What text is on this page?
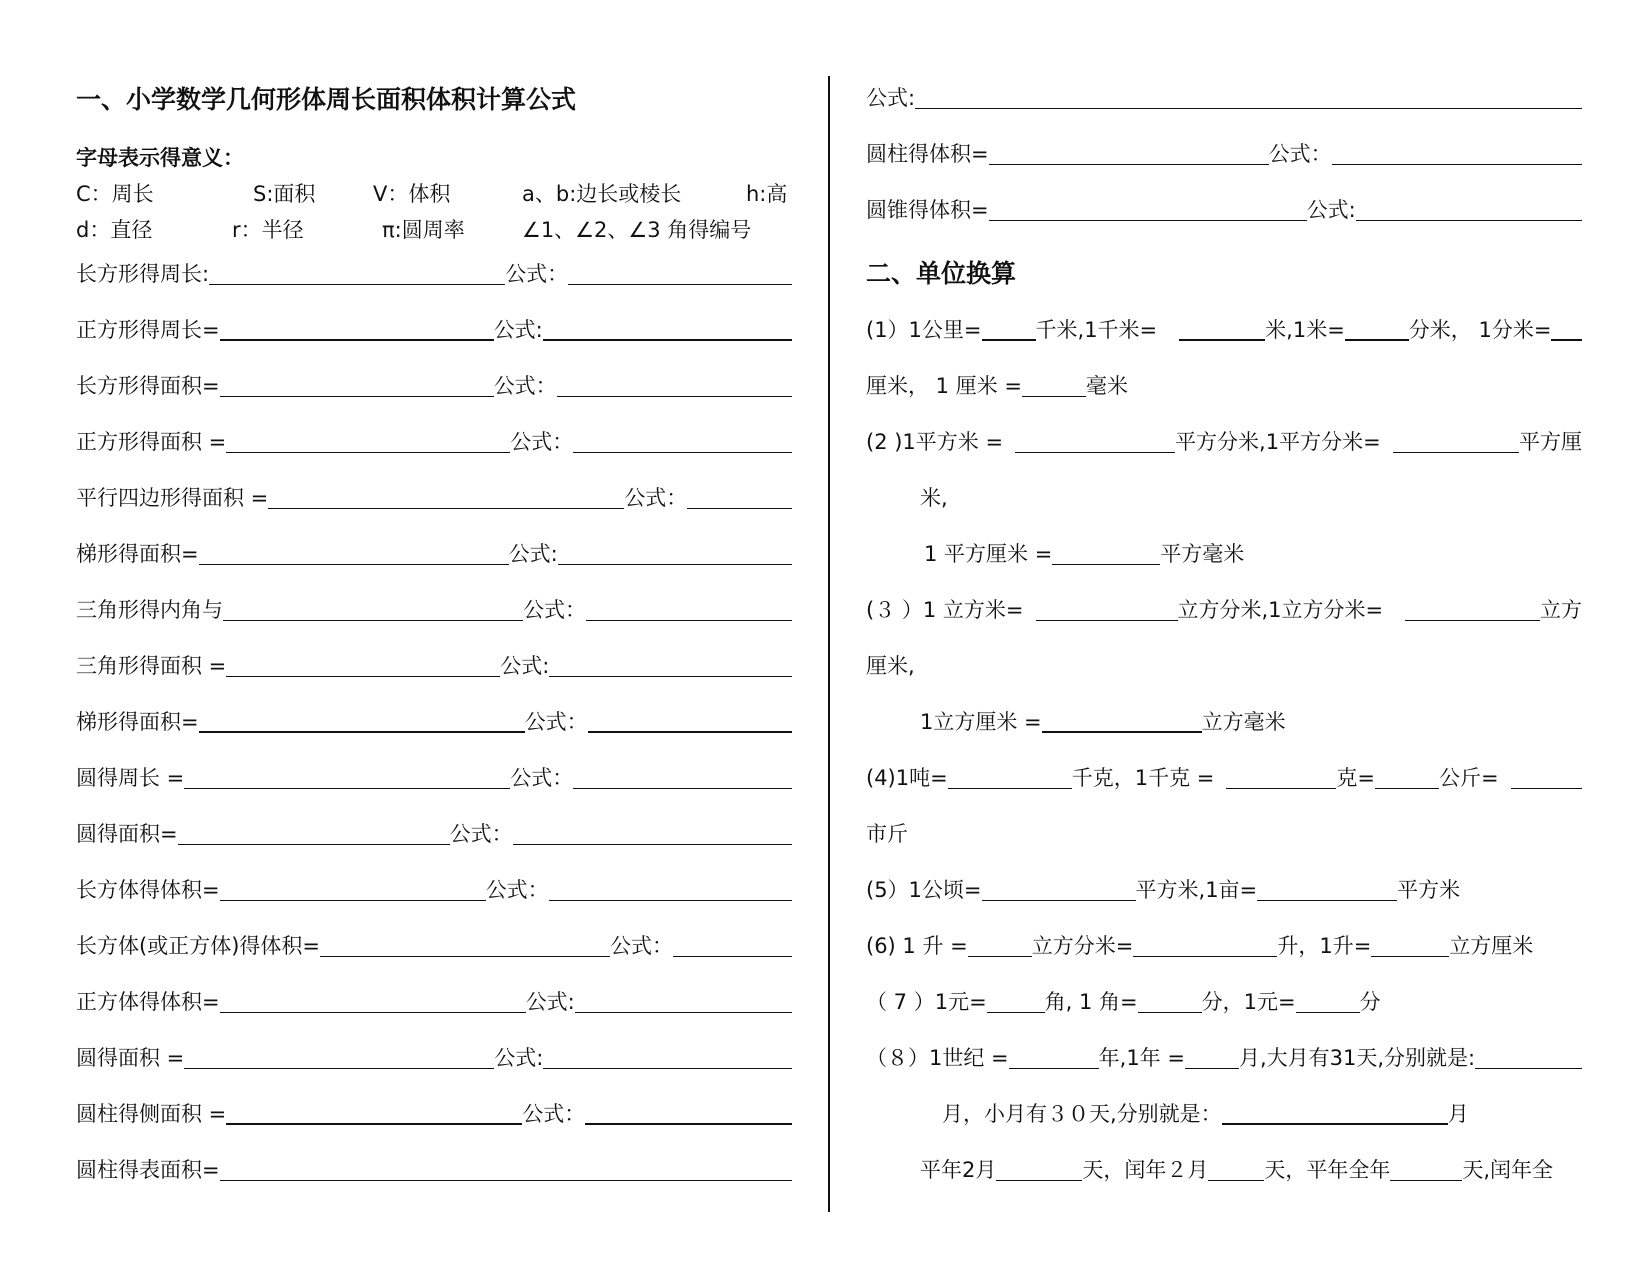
一、小学数学几何形体周长面积体积计算公式
字母表示得意义：
C：周长	S:面积	V：体积	a、b:边长或棱长	h:高
d：直径	r：半径	π:圆周率	∠1、∠2、∠3 角得编号
长方形得周长:	公式：
正方形得周长=	公式:
长方形得面积=	公式：
正方形得面积 =	公式：
平行四边形得面积 =	公式：
梯形得面积=	公式:
三角形得内角与	公式：
三角形得面积 =	公式:
梯形得面积=	公式：
圆得周长 =	公式：
圆得面积=	公式：
长方体得体积=	公式：
长方体(或正方体)得体积=	公式：
正方体得体积=	公式:
圆得面积 =	公式:
圆柱得侧面积 =	公式：
圆柱得表面积=
公式:
圆柱得体积=	公式：
圆锥得体积=	公式:
二、单位换算
(1）1公里=	千米,1千米=	米,1米=	分米， 1分米=
厘米， 1 厘米 =	毫米
(2 )1平方米 =	平方分米,1平方分米=	平方厘
米,
1 平方厘米 =	平方毫米
(３ ）1 立方米=	立方分米,1立方分米=	立方
厘米,
1立方厘米 =	立方毫米
(4)1吨=	千克，1千克 =	克=	公斤=
市斤
(5）1公顷=	平方米,1亩=	平方米
(6) 1 升 =	立方分米=	升，1升=	立方厘米
（ 7 ）1元=	角, 1 角=	分，1元=	分
（８）1世纪 =	年,1年 =	月,大月有31天,分别就是:
月，小月有３０天,分别就是：	月
平年2月	天，闰年２月	天，平年全年	天,闰年全
